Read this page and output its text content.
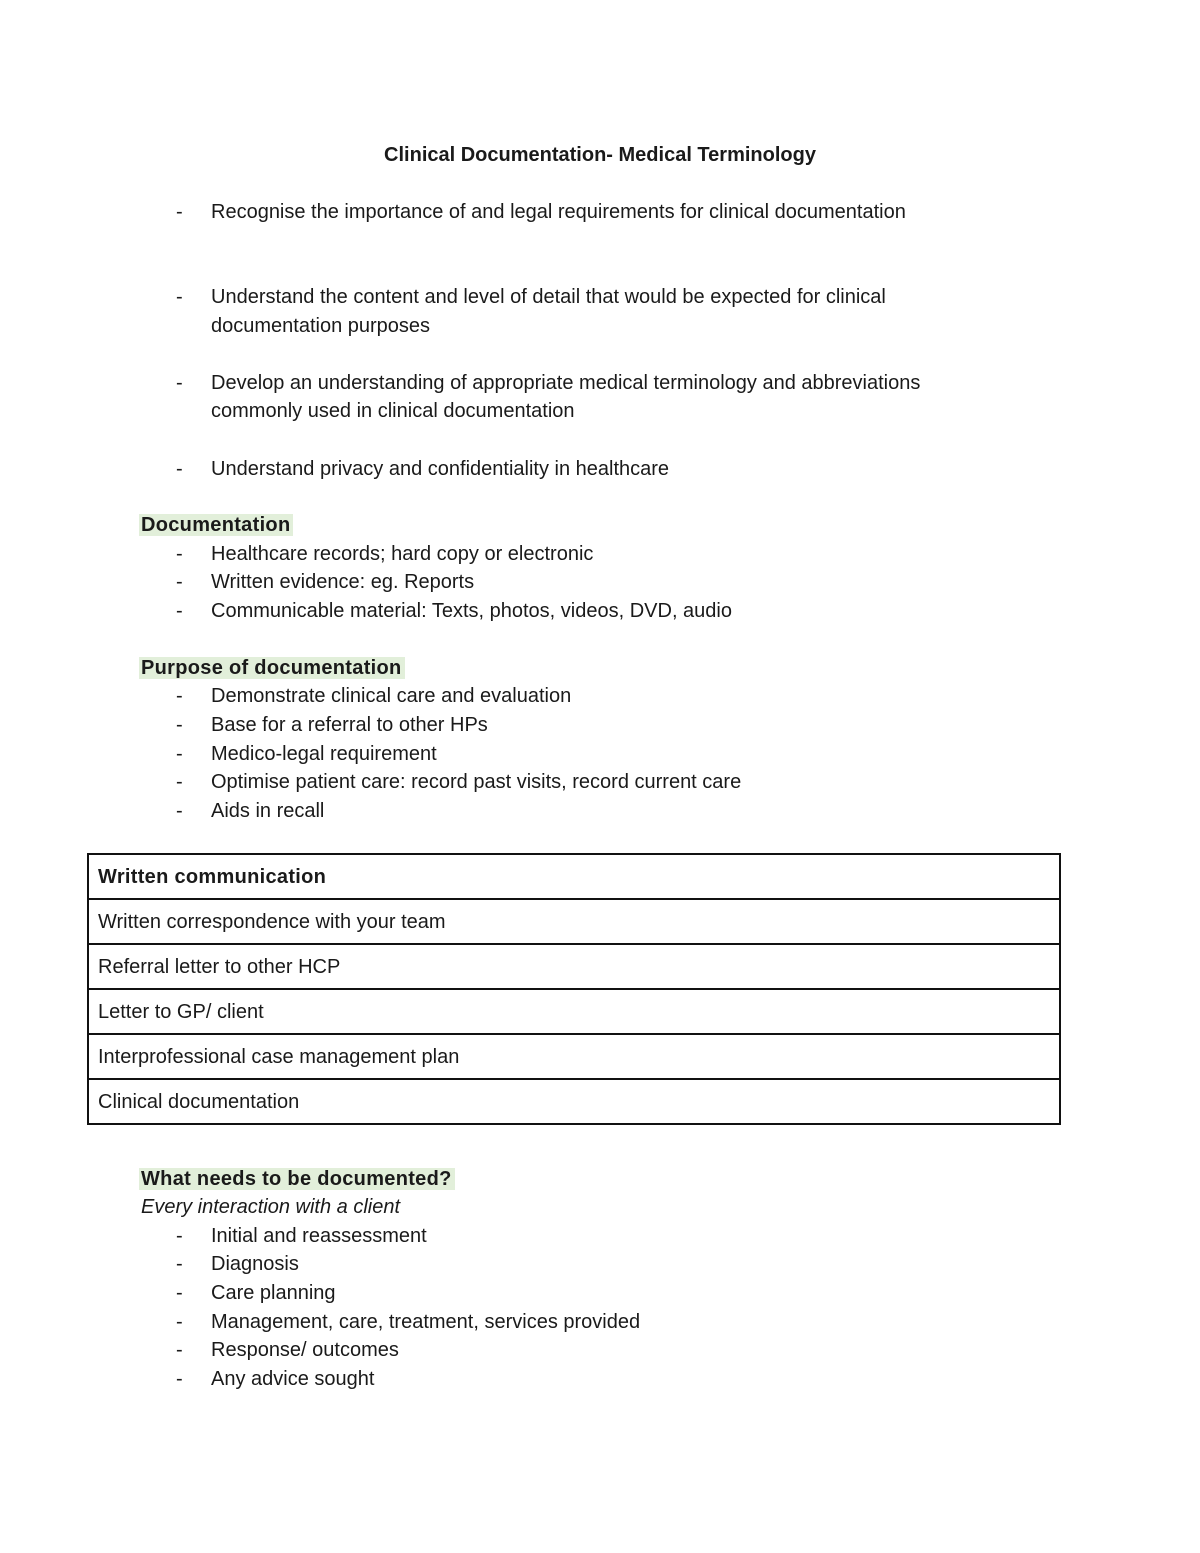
Clinical Documentation- Medical Terminology
- Recognise the importance of and legal requirements for clinical documentation
- Understand the content and level of detail that would be expected for clinical
documentation purposes
- Develop an understanding of appropriate medical terminology and abbreviations
commonly used in clinical documentation
- Understand privacy and confidentiality in healthcare
Documentation
- Healthcare records; hard copy or electronic
- Written evidence: eg. Reports
- Communicable material: Texts, photos, videos, DVD, audio
Purpose of documentation
- Demonstrate clinical care and evaluation
- Base for a referral to other HPs
- Medico-legal requirement
- Optimise patient care: record past visits, record current care
- Aids in recall
Written communication
Written correspondence with your team
Referral letter to other HCP
Letter to GP/ client
Interprofessional case management plan
Clinical documentation
What needs to be documented?
Every interaction with a client
- Initial and reassessment
- Diagnosis
- Care planning
- Management, care, treatment, services provided
- Response/ outcomes
- Any advice sought
